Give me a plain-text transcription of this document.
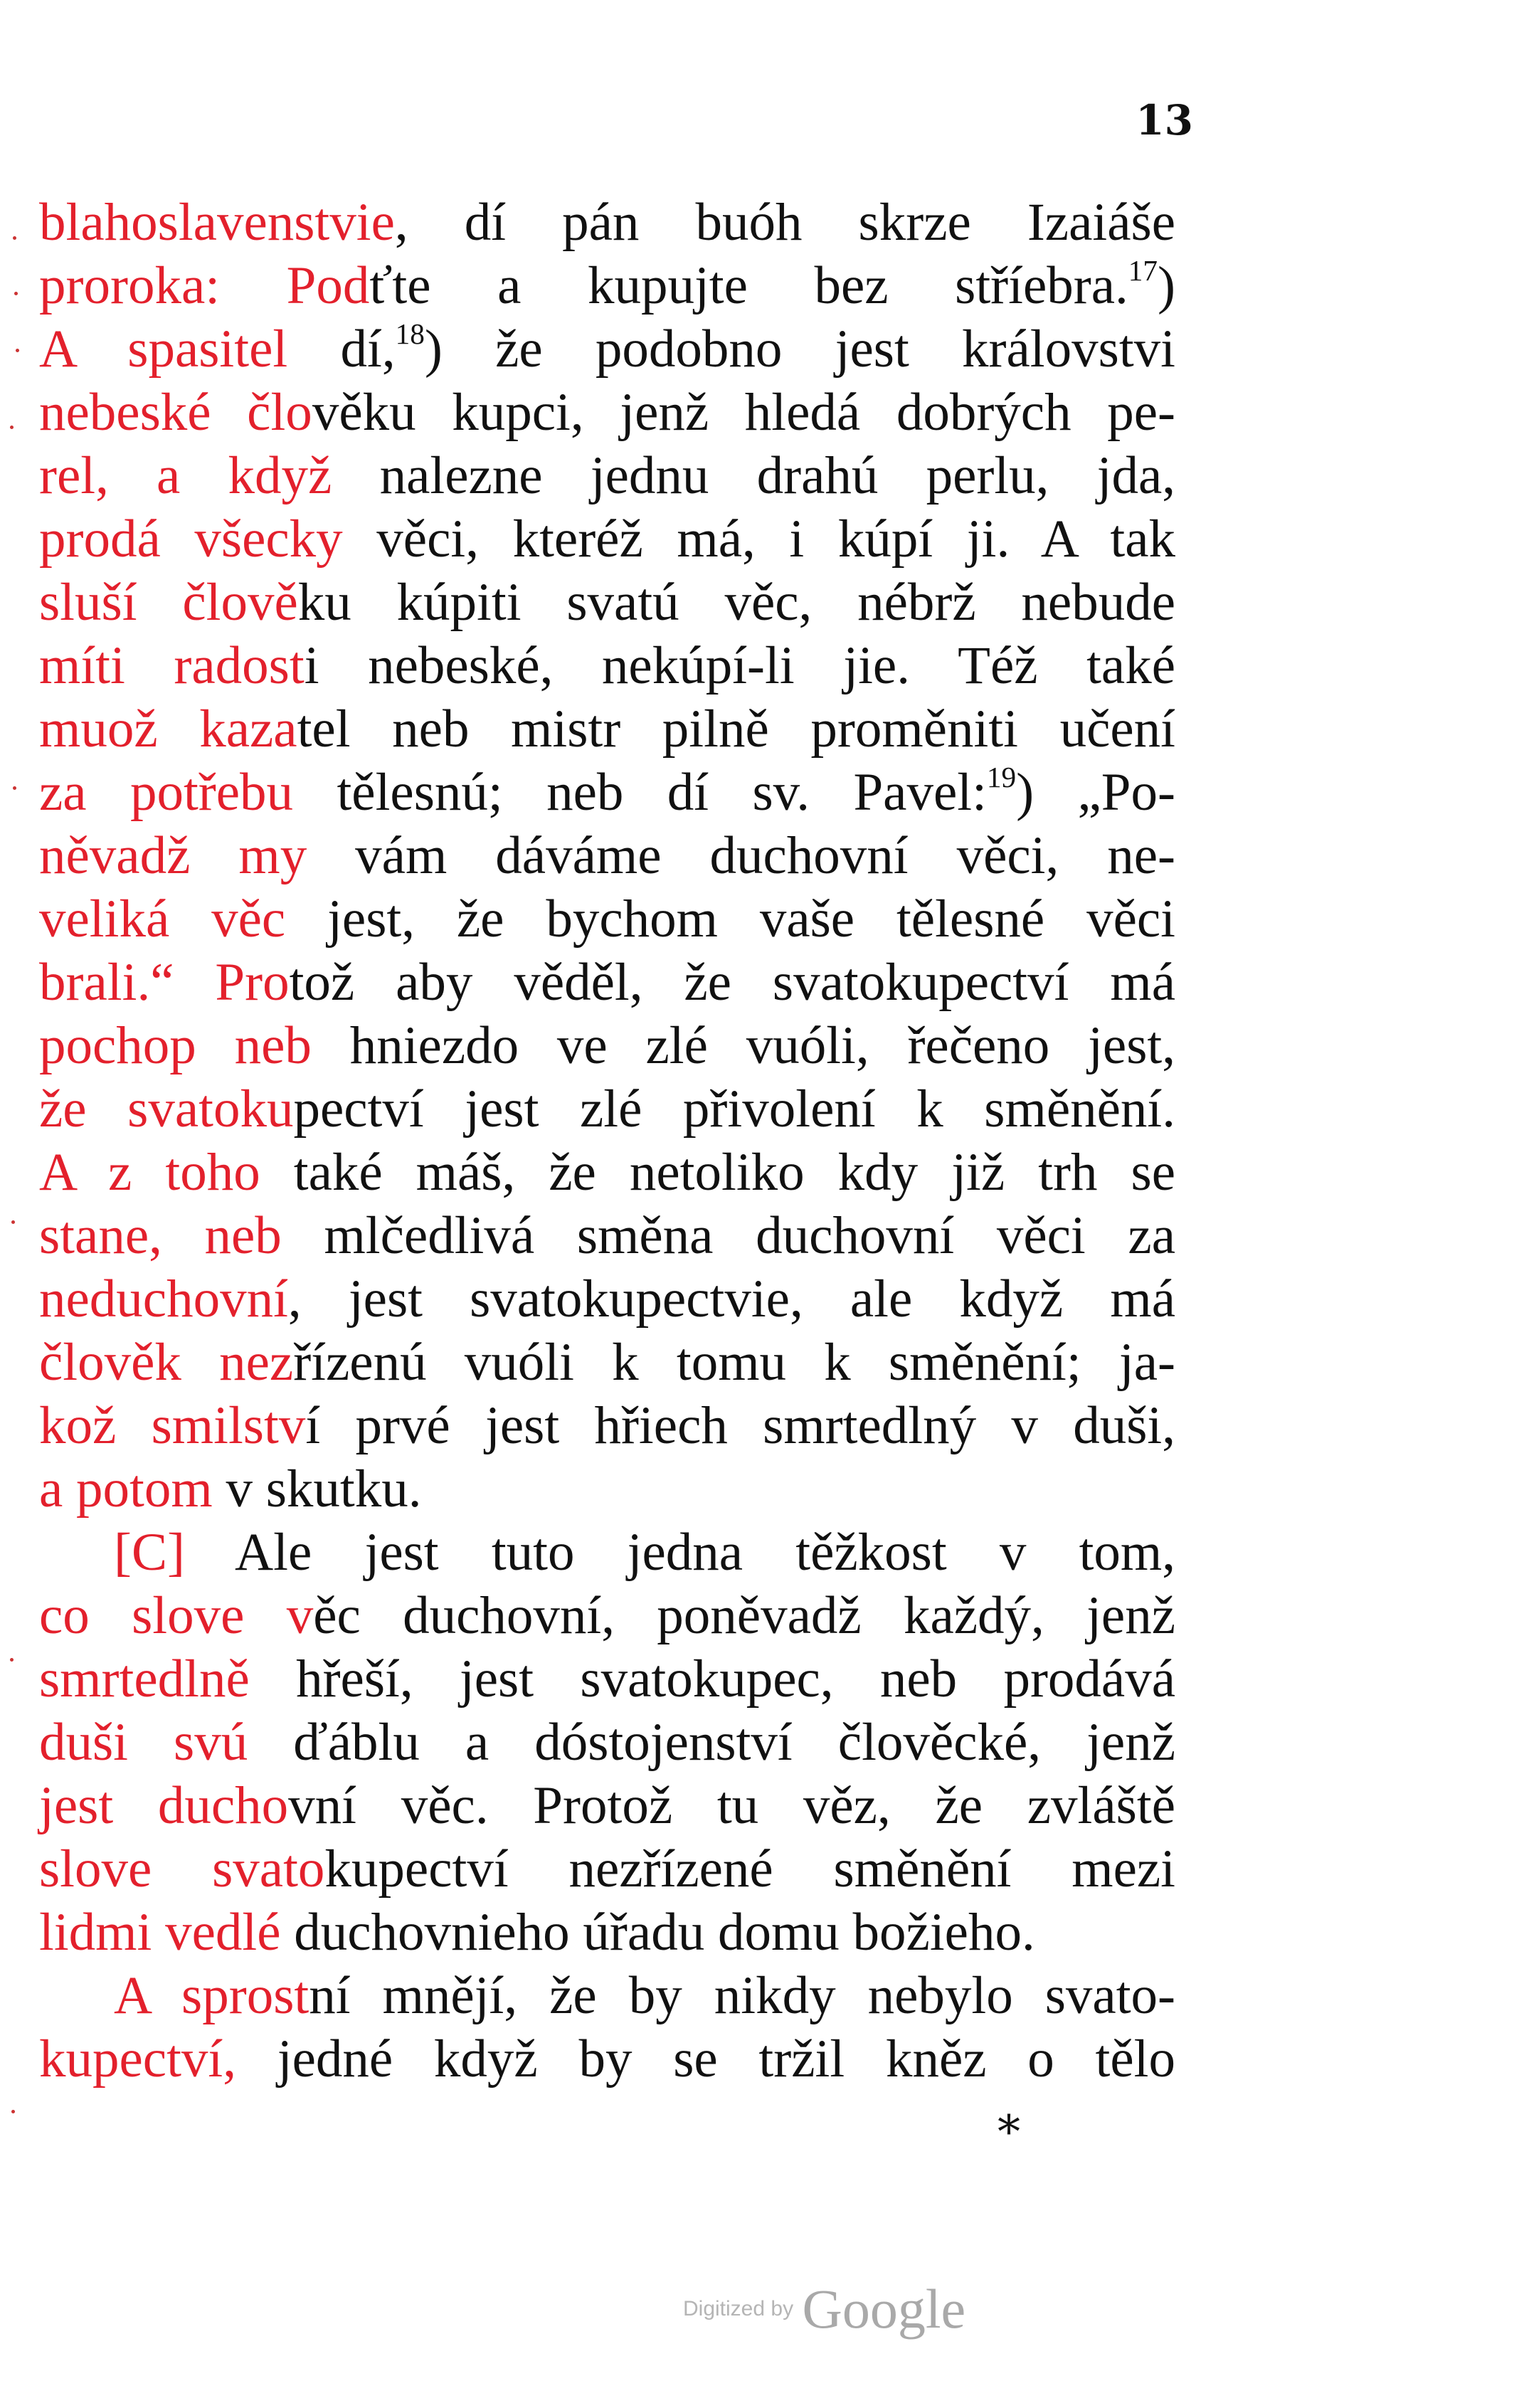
13
blahoslavenstvie, dí pán buóh skrze Izaiáše
proroka: Podťte a kupujte bez stříebra.$^{17}$)
A spasitel dí,$^{18}$) že podobno jest královstvi
nebeské člověku kupci, jenž hledá dobrých pe-
rel, a když nalezne jednu drahú perlu, jda,
prodá všecky věci, kteréž má, i kúpí ji. A tak
sluší člověku kúpiti svatú věc, nébrž nebude
míti radosti nebeské, nekúpí-li jie. Též také
muož kazatel neb mistr pilně proměniti učení
za potřebu tělesnú; neb dí sv. Pavel:$^{19}$) „Po-
něvadž my vám dáváme duchovní věci, ne-
veliká věc jest, že bychom vaše tělesné věci
brali.“ Protož aby věděl, že svatokupectví má
pochop neb hniezdo ve zlé vuóli, řečeno jest,
že svatokupectví jest zlé přivolení k směnění.
A z toho také máš, že netoliko kdy již trh se
stane, neb mlčedlivá směna duchovní věci za
neduchovní, jest svatokupectvie, ale když má
člověk nezřízenú vuóli k tomu k směnění; ja-
kož smilství prvé jest hřiech smrtedlný v duši,
a potom v skutku.
[C] Ale jest tuto jedna těžkost v tom,
co slove věc duchovní, poněvadž každý, jenž
smrtedlně hřeší, jest svatokupec, neb prodává
duši svú ďáblu a dóstojenství člověcké, jenž
jest duchovní věc. Protož tu věz, že zvláště
slove svatokupectví nezřízené směnění mezi
lidmi vedlé duchovnieho úřadu domu božieho.
A sprostní mnějí, že by nikdy nebylo svato-
kupectví, jedné když by se tržil kněz o tělo
*
Digitized by Google
